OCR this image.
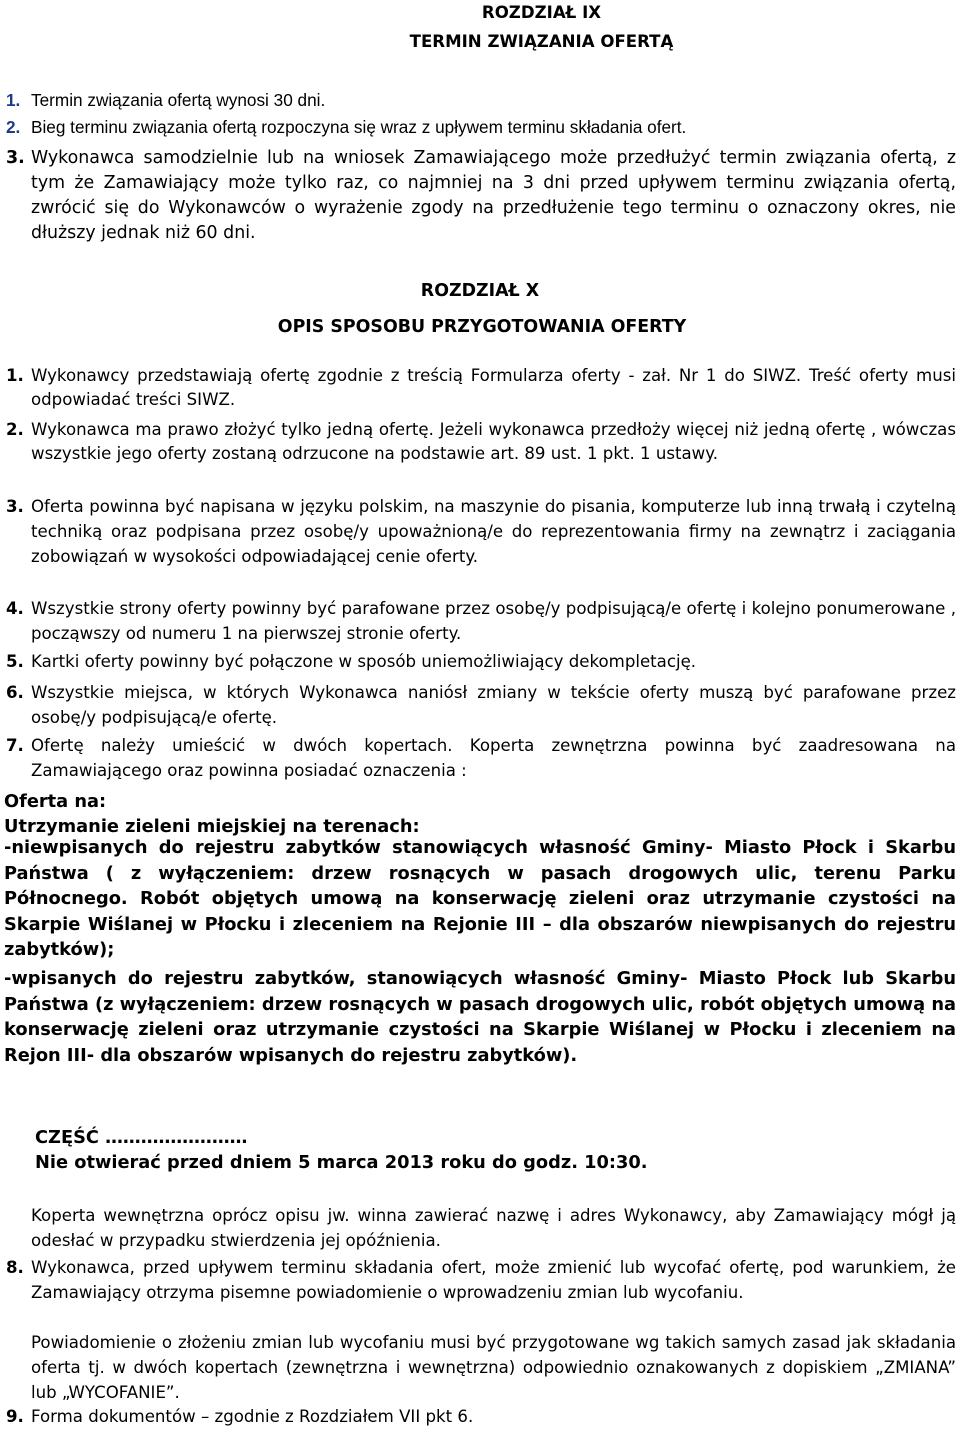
ROZDZIAŁ IX
TERMIN ZWIĄZANIA OFERTĄ
1. Termin związania ofertą wynosi 30 dni.
2. Bieg terminu związania ofertą rozpoczyna się wraz z upływem terminu składania ofert.
3. Wykonawca samodzielnie lub na wniosek Zamawiającego może przedłużyć termin związania ofertą, z tym że Zamawiający może tylko raz, co najmniej na 3 dni przed upływem terminu związania ofertą, zwrócić się do Wykonawców o wyrażenie zgody na przedłużenie tego terminu o oznaczony okres, nie dłuższy jednak niż 60 dni.
ROZDZIAŁ X
OPIS SPOSOBU PRZYGOTOWANIA OFERTY
1. Wykonawcy przedstawiają ofertę zgodnie z treścią Formularza oferty - zał. Nr 1 do SIWZ. Treść oferty musi odpowiadać treści SIWZ.
2. Wykonawca ma prawo złożyć tylko jedną ofertę. Jeżeli wykonawca przedłoży więcej niż jedną ofertę , wówczas wszystkie jego oferty zostaną odrzucone na podstawie art. 89 ust. 1 pkt. 1 ustawy.
3. Oferta powinna być napisana w języku polskim, na maszynie do pisania, komputerze lub inną trwałą i czytelną techniką oraz podpisana przez osobę/y upoważnioną/e do reprezentowania firmy na zewnątrz i zaciągania zobowiązań w wysokości odpowiadającej cenie oferty.
4. Wszystkie strony oferty powinny być parafowane przez osobę/y podpisującą/e ofertę i kolejno ponumerowane , począwszy od numeru 1 na pierwszej stronie oferty.
5. Kartki oferty powinny być połączone w sposób uniemożliwiający dekompletację.
6. Wszystkie miejsca, w których Wykonawca naniósł zmiany w tekście oferty muszą być parafowane przez osobę/y podpisującą/e ofertę.
7. Ofertę należy umieścić w dwóch kopertach. Koperta zewnętrzna powinna być zaadresowana na Zamawiającego oraz powinna posiadać oznaczenia :
Oferta na:
Utrzymanie zieleni miejskiej na terenach:
-niewpisanych do rejestru zabytków stanowiących własność Gminy- Miasto Płock i Skarbu Państwa ( z wyłączeniem: drzew rosnących w pasach drogowych ulic, terenu Parku Północnego. Robót objętych umową na konserwację zieleni oraz utrzymanie czystości na Skarpie Wiślanej w Płocku i zleceniem na Rejonie III – dla obszarów niewpisanych do rejestru zabytków);
-wpisanych do rejestru zabytków, stanowiących własność Gminy- Miasto Płock lub Skarbu Państwa (z wyłączeniem: drzew rosnących w pasach drogowych ulic, robót objętych umową na konserwację zieleni oraz utrzymanie czystości na Skarpie Wiślanej w Płocku i zleceniem na Rejon III- dla obszarów wpisanych do rejestru zabytków).
CZĘŚĆ ……………………
Nie otwierać przed dniem 5 marca 2013 roku do godz. 10:30.
Koperta wewnętrzna oprócz opisu jw. winna zawierać nazwę i adres Wykonawcy, aby Zamawiający mógł ją odesłać w przypadku stwierdzenia jej opóźnienia.
8. Wykonawca, przed upływem terminu składania ofert, może zmienić lub wycofać ofertę, pod warunkiem, że Zamawiający otrzyma pisemne powiadomienie o wprowadzeniu zmian lub wycofaniu.
Powiadomienie o złożeniu zmian lub wycofaniu musi być przygotowane wg takich samych zasad jak składania oferta tj. w dwóch kopertach (zewnętrzna i wewnętrzna) odpowiednio oznakowanych z dopiskiem „ZMIANA” lub „WYCOFANIE”.
9. Forma dokumentów – zgodnie z Rozdziałem VII pkt 6.
